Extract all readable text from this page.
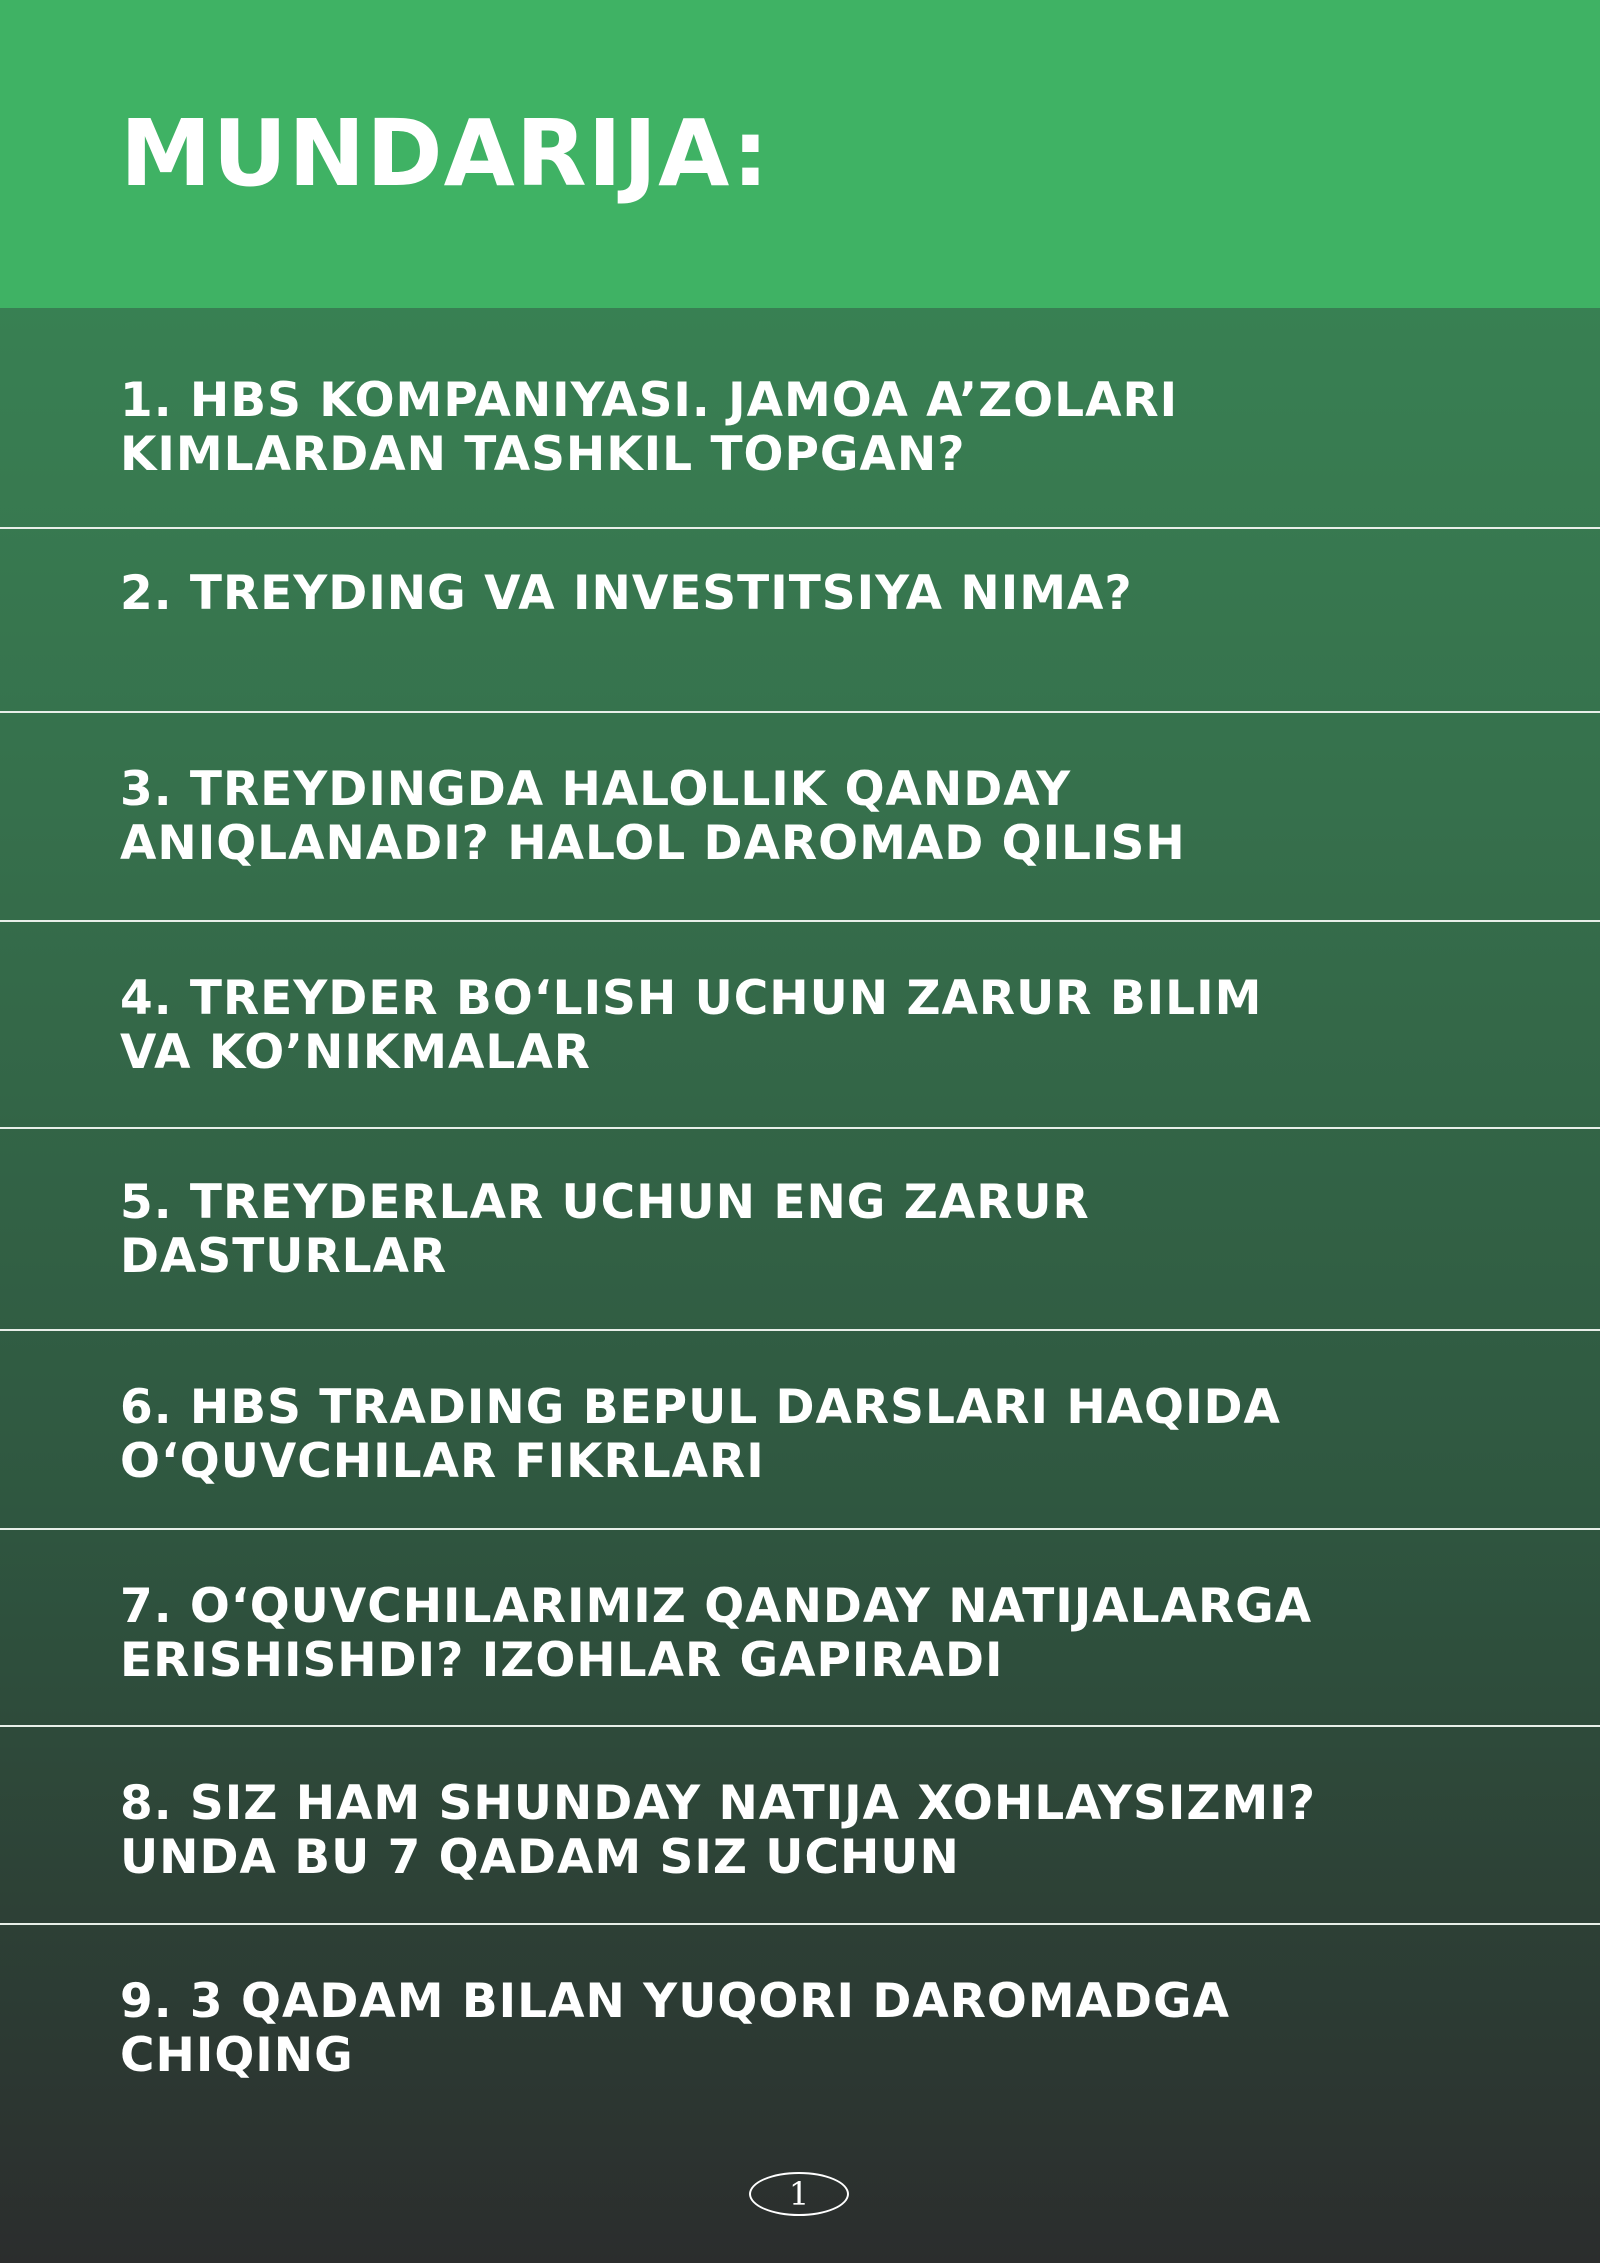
MUNDARIJA:
1. HBS KOMPANIYASI. JAMOA A’ZOLARI
KIMLARDAN TASHKIL TOPGAN?
2. TREYDING VA INVESTITSIYA NIMA?
3. TREYDINGDA HALOLLIK QANDAY
ANIQLANADI? HALOL DAROMAD QILISH
4. TREYDER BO‘LISH UCHUN ZARUR BILIM
VA KO’NIKMALAR
5. TREYDERLAR UCHUN ENG ZARUR
DASTURLAR
6. HBS TRADING BEPUL DARSLARI HAQIDA
O‘QUVCHILAR FIKRLARI
7. O‘QUVCHILARIMIZ QANDAY NATIJALARGA
ERISHISHDI? IZOHLAR GAPIRADI
8. SIZ HAM SHUNDAY NATIJA XOHLAYSIZMI?
UNDA BU 7 QADAM SIZ UCHUN
9. 3 QADAM BILAN YUQORI DAROMADGA
CHIQING
1
